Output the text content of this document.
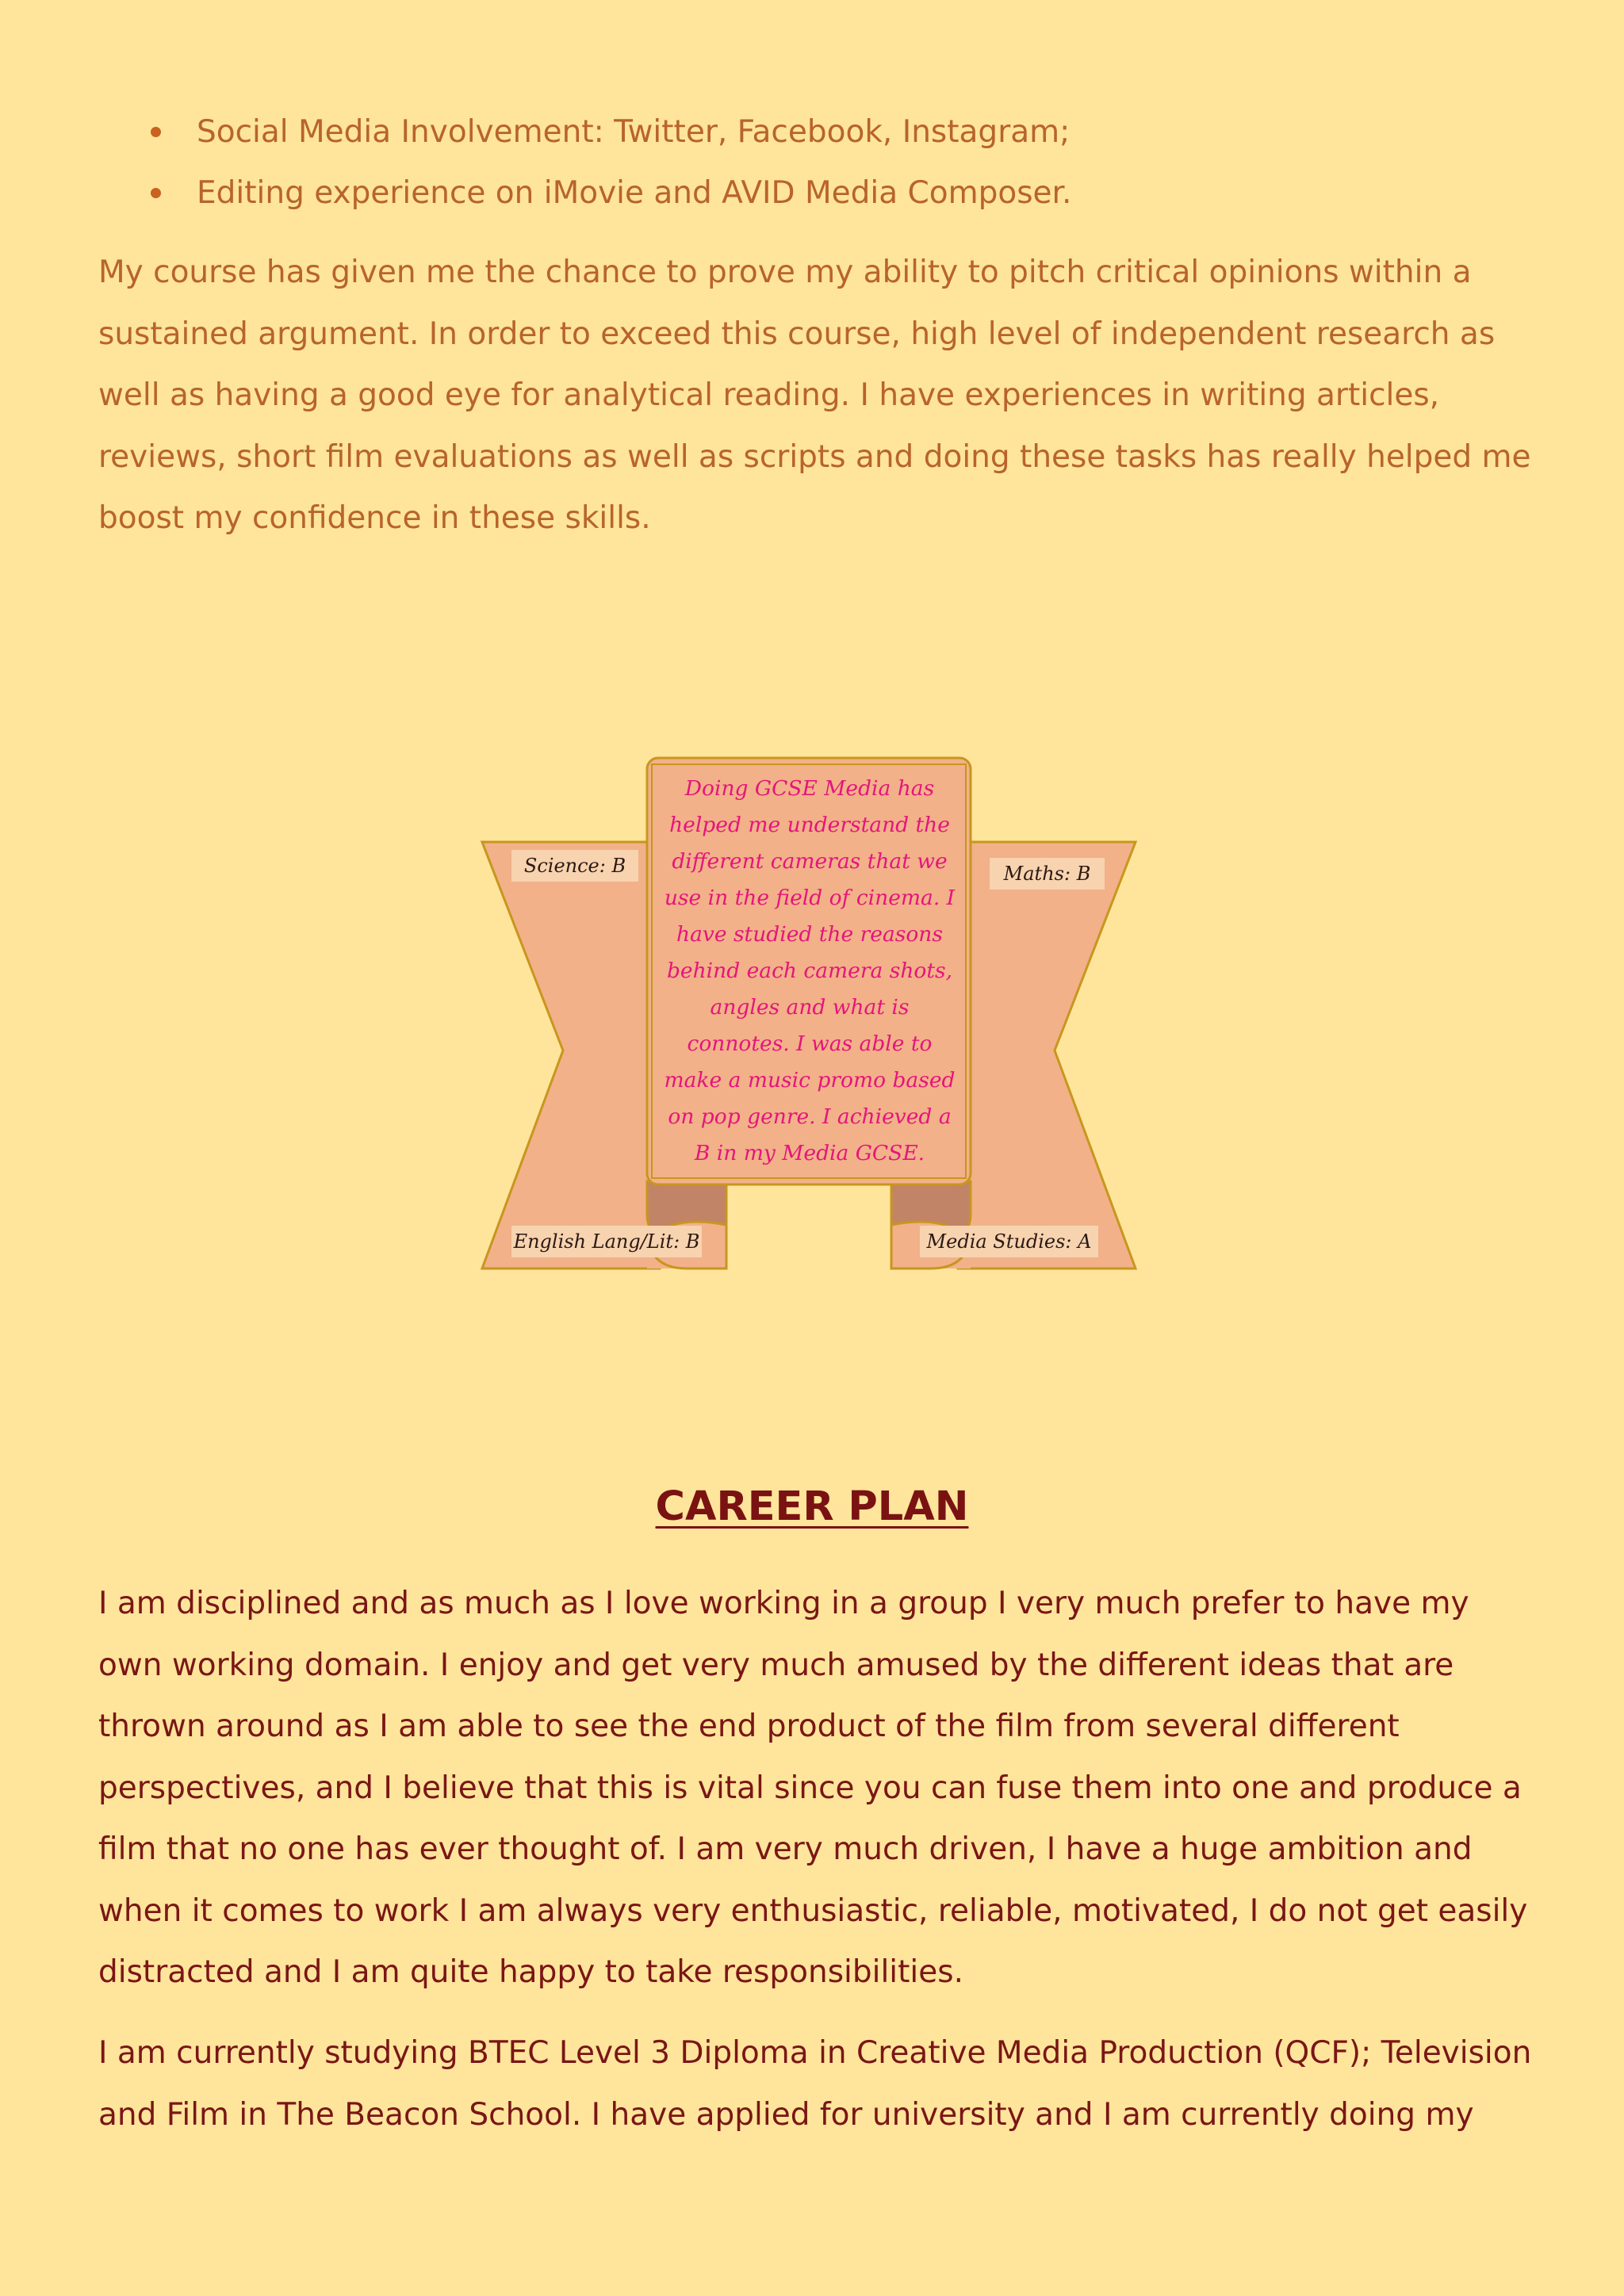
Social Media Involvement: Twitter, Facebook, Instagram;
Editing experience on iMovie and AVID Media Composer.

My course has given me the chance to prove my ability to pitch critical opinions within a sustained argument. In order to exceed this course, high level of independent research as well as having a good eye for analytical reading. I have experiences in writing articles, reviews, short film evaluations as well as scripts and doing these tasks has really helped me boost my confidence in these skills.

Science: B	Maths: B
English Lang/Lit: B	Media Studies: A
Doing GCSE Media has helped me understand the different cameras that we use in the field of cinema. I have studied the reasons behind each camera shots, angles and what is connotes. I was able to make a music promo based on pop genre. I achieved a B in my Media GCSE.
CAREER PLAN

I am disciplined and as much as I love working in a group I very much prefer to have my own working domain. I enjoy and get very much amused by the different ideas that are thrown around as I am able to see the end product of the film from several different perspectives, and I believe that this is vital since you can fuse them into one and produce a film that no one has ever thought of. I am very much driven, I have a huge ambition and when it comes to work I am always very enthusiastic, reliable, motivated, I do not get easily distracted and I am quite happy to take responsibilities.

I am currently studying BTEC Level 3 Diploma in Creative Media Production (QCF); Television and Film in The Beacon School. I have applied for university and I am currently doing my
